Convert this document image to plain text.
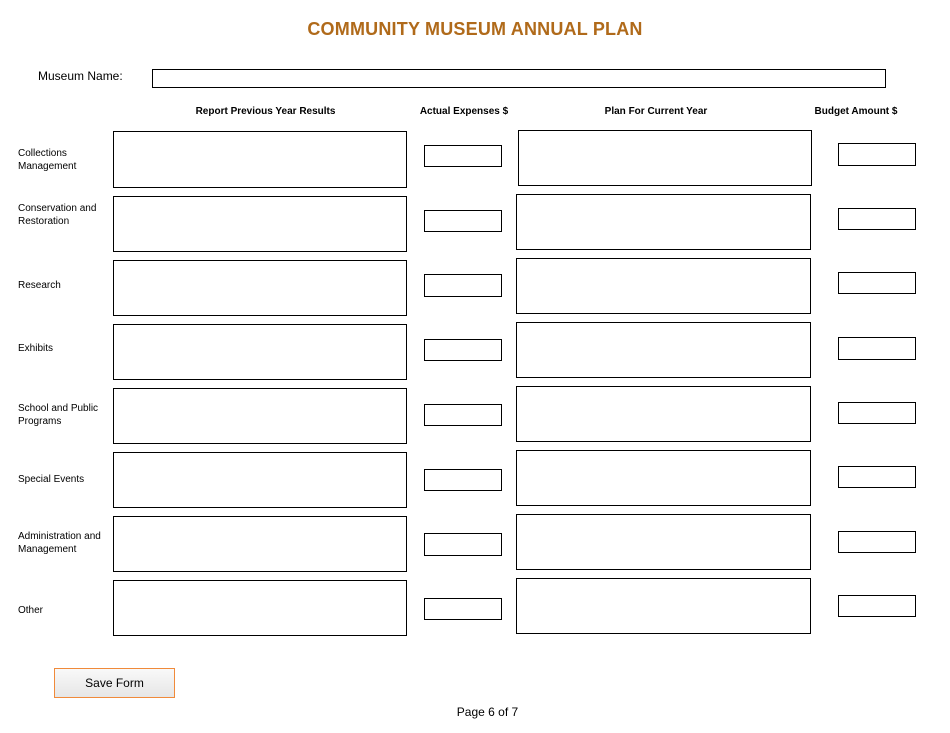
COMMUNITY MUSEUM ANNUAL PLAN
Museum Name:
Report Previous Year Results	Actual Expenses $	Plan For Current Year	Budget Amount $
Collections Management
Conservation and Restoration
Research
Exhibits
School and Public Programs
Special Events
Administration and Management
Other
Save Form
Page 6 of 7
